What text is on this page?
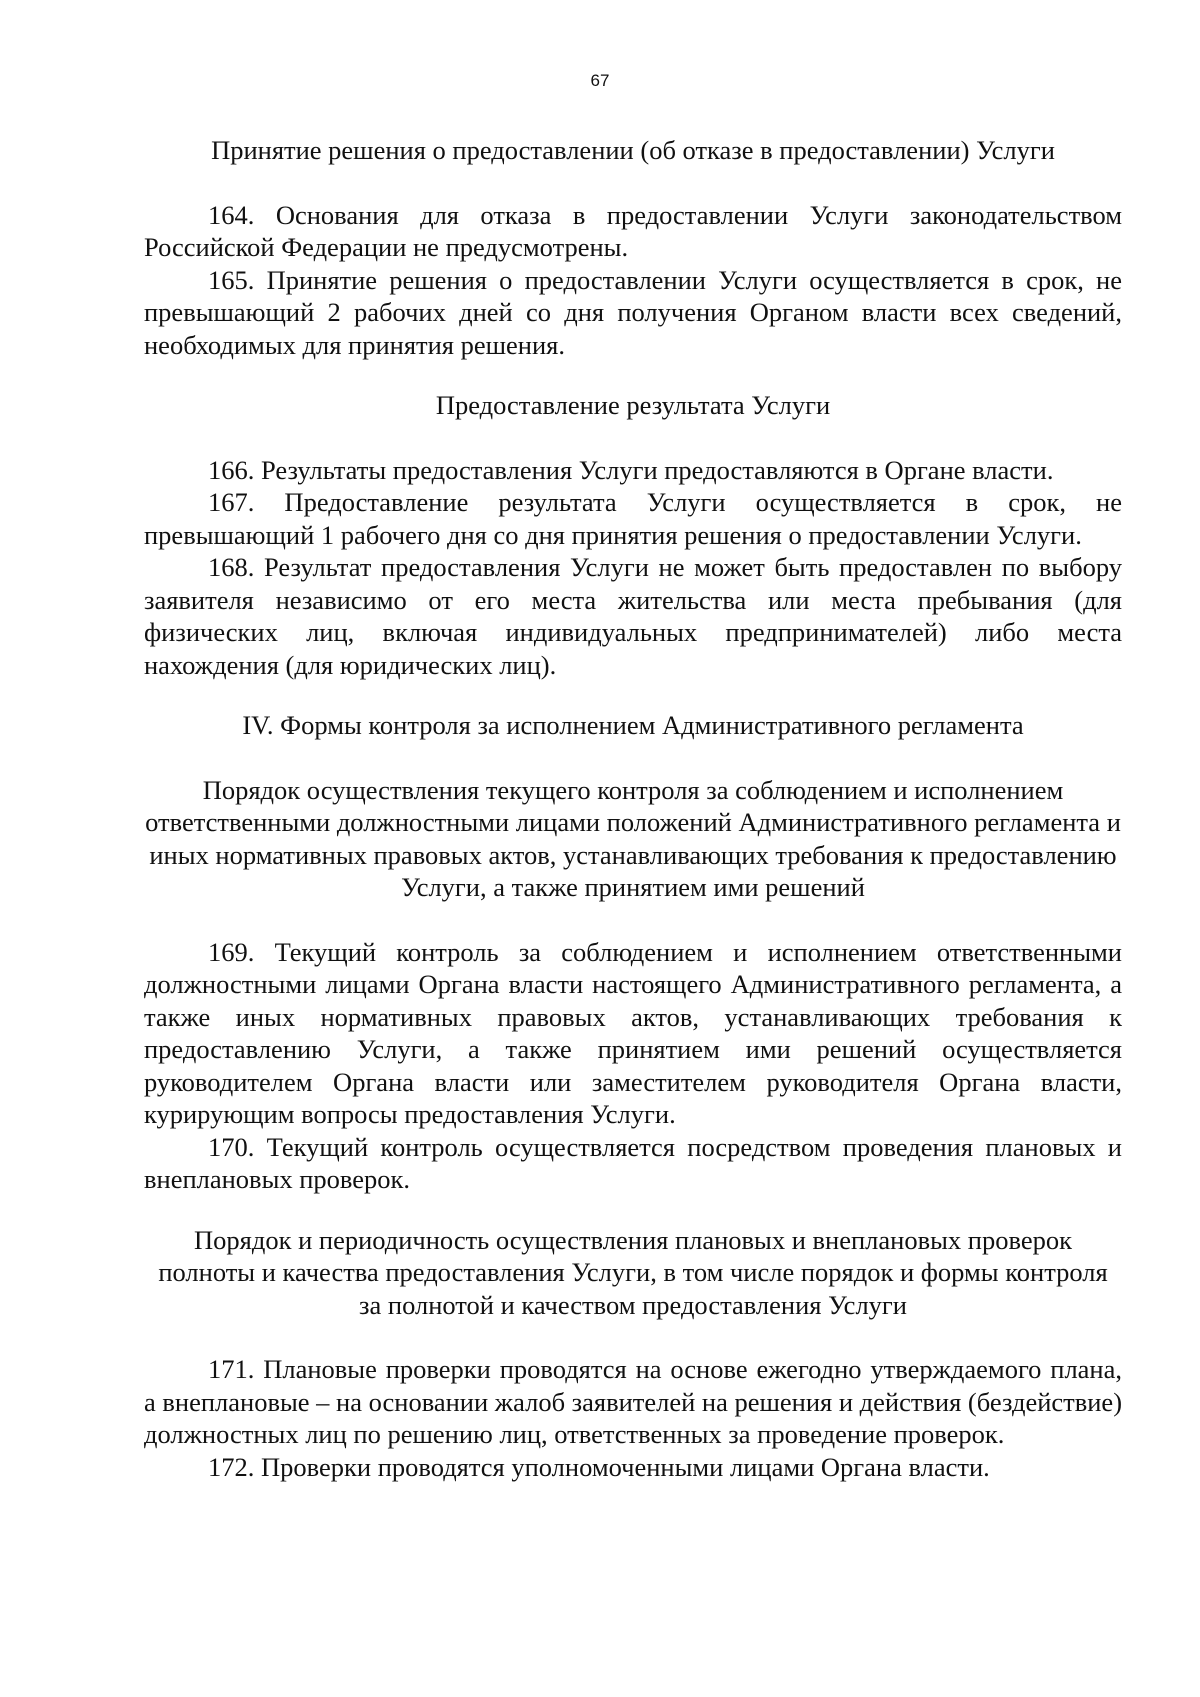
67
Принятие решения о предоставлении (об отказе в предоставлении) Услуги

164. Основания для отказа в предоставлении Услуги законодательством Российской Федерации не предусмотрены.

165. Принятие решения о предоставлении Услуги осуществляется в срок, не превышающий 2 рабочих дней со дня получения Органом власти всех сведений, необходимых для принятия решения.

Предоставление результата Услуги

166. Результаты предоставления Услуги предоставляются в Органе власти.

167. Предоставление результата Услуги осуществляется в срок, не превышающий 1 рабочего дня со дня принятия решения о предоставлении Услуги.

168. Результат предоставления Услуги не может быть предоставлен по выбору заявителя независимо от его места жительства или места пребывания (для физических лиц, включая индивидуальных предпринимателей) либо места нахождения (для юридических лиц).

IV. Формы контроля за исполнением Административного регламента
Порядок осуществления текущего контроля за соблюдением и исполнением ответственными должностными лицами положений Административного регламента и иных нормативных правовых актов, устанавливающих требования к предоставлению Услуги, а также принятием ими решений

169. Текущий контроль за соблюдением и исполнением ответственными должностными лицами Органа власти настоящего Административного регламента, а также иных нормативных правовых актов, устанавливающих требования к предоставлению Услуги, а также принятием ими решений осуществляется руководителем Органа власти или заместителем руководителя Органа власти, курирующим вопросы предоставления Услуги.

170. Текущий контроль осуществляется посредством проведения плановых и внеплановых проверок.

Порядок и периодичность осуществления плановых и внеплановых проверок полноты и качества предоставления Услуги, в том числе порядок и формы контроля за полнотой и качеством предоставления Услуги

171. Плановые проверки проводятся на основе ежегодно утверждаемого плана, а внеплановые – на основании жалоб заявителей на решения и действия (бездействие) должностных лиц по решению лиц, ответственных за проведение проверок.

172. Проверки проводятся уполномоченными лицами Органа власти.
